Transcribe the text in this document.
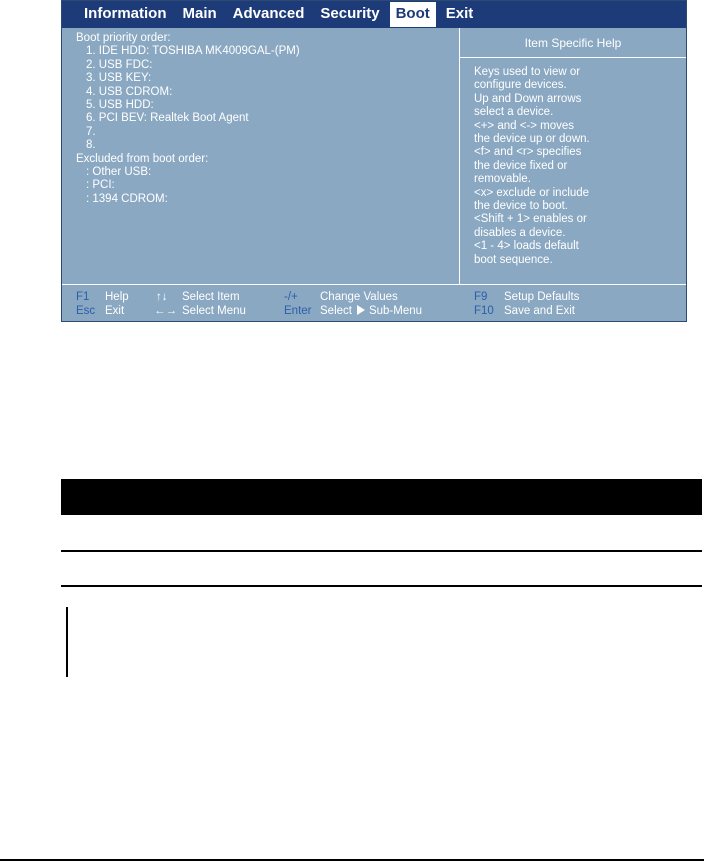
Information	Main	Advanced	Security	Boot	Exit
Boot priority order:
1. IDE HDD: TOSHIBA MK4009GAL-(PM)
2. USB FDC:
3. USB KEY:
4. USB CDROM:
5. USB HDD:
6. PCI BEV: Realtek Boot Agent
7.
8.
Excluded from boot order:
: Other USB:
: PCI:
: 1394 CDROM:
Item Specific Help
Keys used to view or
configure devices.
Up and Down arrows
select a device.
<+> and <-> moves
the device up or down.
<f> and <r> specifies
the device fixed or
removable.
<x> exclude or include
the device to boot.
<Shift + 1> enables or
disables a device.
<1 - 4> loads default
boot sequence.
F1 Help ↑↓ Select Item	-/+ Change Values	F9 Setup Defaults
Esc Exit	←→ Select Menu	Enter Select Sub-Menu	F10 Save and Exit
